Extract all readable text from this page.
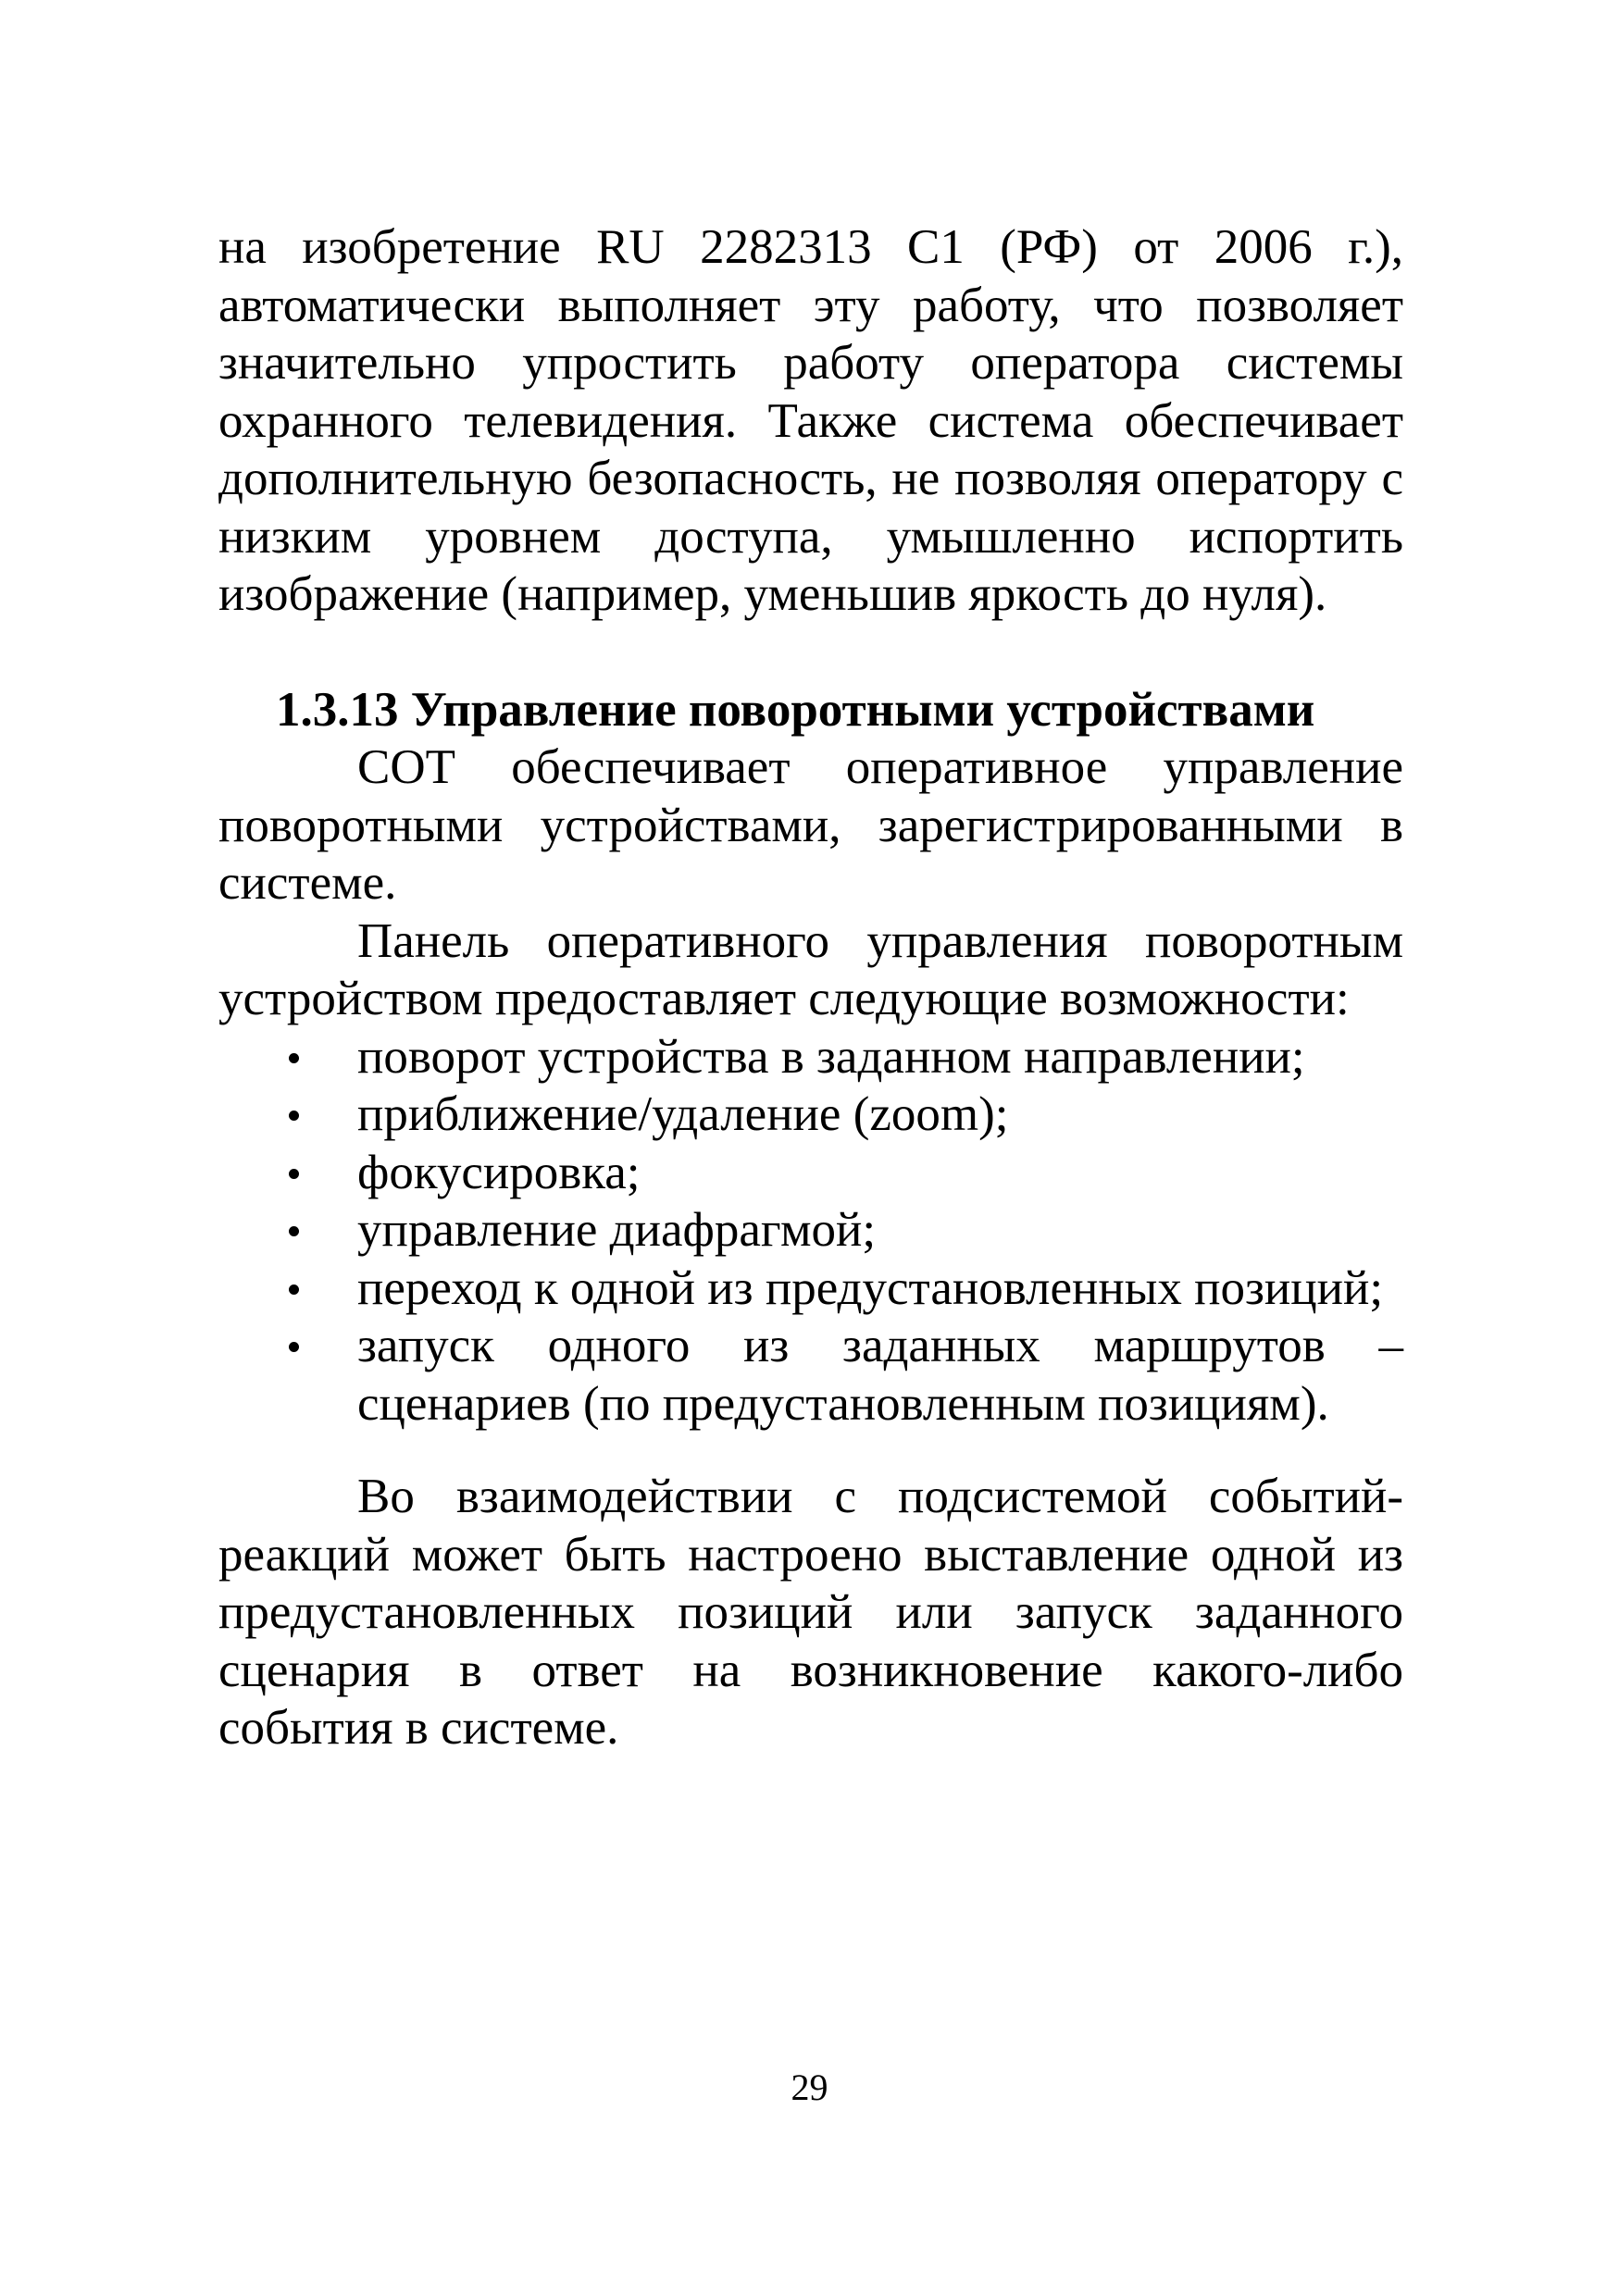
на изобретение RU 2282313 C1 (РФ) от 2006 г.), автоматически выполняет эту работу, что позволяет значительно упростить работу оператора системы охранного телевидения. Также система обеспечивает дополнительную безопасность, не позволяя оператору с низким уровнем доступа, умышленно испортить изображение (например, уменьшив яркость до нуля).

1.3.13 Управление поворотными устройствами

СОТ обеспечивает оперативное управление поворотными устройствами, зарегистрированными в системе.

Панель оперативного управления поворотным устройством предоставляет следующие возможности:

поворот устройства в заданном направлении;
приближение/удаление (zoom);
фокусировка;
управление диафрагмой;
переход к одной из предустановленных позиций;
запуск одного из заданных маршрутов – сценариев (по предустановленным позициям).

Во взаимодействии с подсистемой событий-реакций может быть настроено выставление одной из предустановленных позиций или запуск заданного сценария в ответ на возникновение какого-либо события в системе.

29
